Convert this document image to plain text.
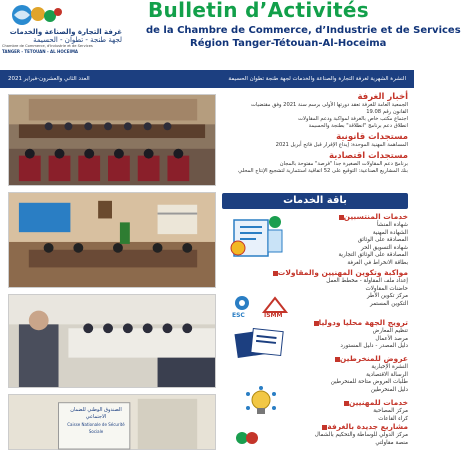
غرفة التجارة والصناعة والخدمات
لجهة طنجة - تطوان - الحسيمة
Chambre de Commerce, d'Industrie et de Services
TANGER - TETOUAN - AL HOCEIMA
Bulletin d’Activités
de la Chambre de Commerce, d’Industrie et de Services
Région Tanger-Tétouan-Al-Hoceima
النشرة الشهرية لغرفة التجارة والصناعة والخدمات لجهة طنجة تطوان الحسيمة
العدد الثاني والعشرون-فبراير 2021
الصندوق الوطني للضمان الاجتماعي
Caisse Nationale de Sécurité Sociale
أخبار الغرفة
الجمعية العامة للغرفة تعقد دورتها الأولى برسم سنة 2021 وفق مقتضيات
القانون رقم 19.08
اجتماع مكتب خاص بالغرفة لمواكبة ودعم المقاولات
انطلاق دعم برنامج "انطلاقة" بطنجة والحسيمة
مستجدات قانونية
المساهمة المهنية الموحدة: إيداع الإقرار قبل فاتح أبريل 2021
مستجدات اقتصادية
برنامج دعم المقاولات الصغيرة جدا "فرصة" مفتوحة بالمجان
بنك المشاريع الصناعية: التوقيع على 52 اتفاقية استثمارية لتشجيع الإنتاج المحلي
باقة الخدمات
خدمات المنتسبين
شهادة المنشأ
الشهادة المهنية
المصادقة على الوثائق
شهادة التسويق الحر
المصادقة على الوثائق التجارية
بطاقة الانخراط في الغرفة
مواكبة وتكوين المهنيين والمقاولات
إعداد ملف المقاولة - مخطط العمل
حاضنات المقاولات
مركز تكوين الأطر
التكوين المستمر
ترويج الجهة محليا ودوليا
تنظيم المعارض
مرصد الأعمال
دليل المصدر - دليل المستورد
عروض للمنخرطين
النشرة الإخبارية
الرسالة الاقتصادية
طلبات العروض متاحة للمنخرطين
دليل المنخرطين
خدمات للمهنيين
مركز المصاحبة
كراء القاعات
مشاريع جديدة بالغرفة
مركز الدولي للوساطة والتحكيم بالشمال
منصة مقاولتي
ESC	ISMM
